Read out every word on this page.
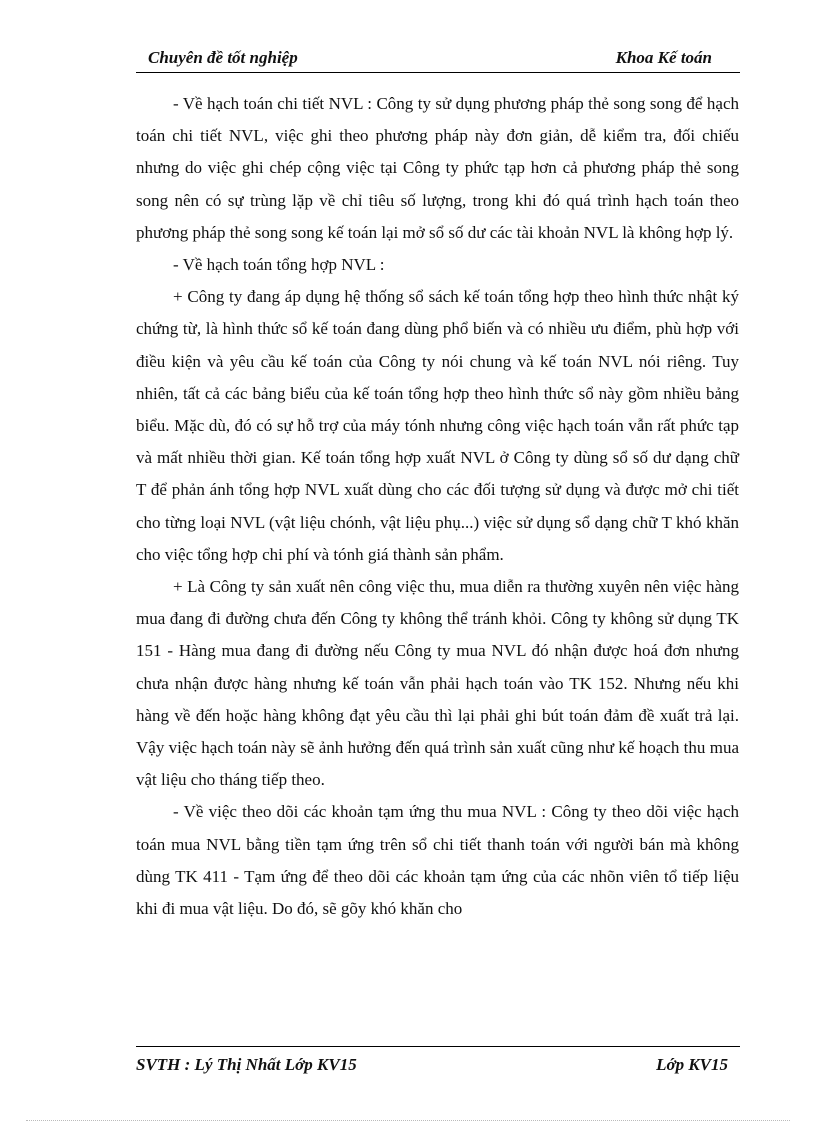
Chuyên đề tốt nghiệp	Khoa Kế toán

- Về hạch toán chi tiết NVL : Công ty sử dụng phương pháp thẻ song song để hạch toán chi tiết NVL, việc ghi theo phương pháp này đơn giản, dễ kiểm tra, đối chiếu nhưng do việc ghi chép cộng việc tại Công ty phức tạp hơn cả phương pháp thẻ song song nên có sự trùng lặp về chỉ tiêu số lượng, trong khi đó quá trình hạch toán theo phương pháp thẻ song song kế toán lại mở sổ số dư các tài khoản NVL là không hợp lý.

- Về hạch toán tổng hợp NVL :

+ Công ty đang áp dụng hệ thống sổ sách kế toán tổng hợp theo hình thức nhật ký chứng từ, là hình thức sổ kế toán đang dùng phổ biến và có nhiều ưu điểm, phù hợp với điều kiện và yêu cầu kế toán của Công ty nói chung và kế toán NVL nói riêng. Tuy nhiên, tất cả các bảng biểu của kế toán tổng hợp theo hình thức sổ này gồm nhiều bảng biểu. Mặc dù, đó có sự hỗ trợ của máy tónh nhưng công việc hạch toán vẫn rất phức tạp và mất nhiều thời gian. Kế toán tổng hợp xuất NVL ở Công ty dùng sổ số dư dạng chữ T để phản ánh tổng hợp NVL xuất dùng cho các đối tượng sử dụng và được mở chi tiết cho từng loại NVL (vật liệu chónh, vật liệu phụ...) việc sử dụng sổ dạng chữ T khó khăn cho việc tổng hợp chi phí và tónh giá thành sản phẩm.

+ Là Công ty sản xuất nên công việc thu, mua diễn ra thường xuyên nên việc hàng mua đang đi đường chưa đến Công ty không thể tránh khỏi. Công ty không sử dụng TK 151 - Hàng mua đang đi đường nếu Công ty mua NVL đó nhận được hoá đơn nhưng chưa nhận được hàng nhưng kế toán vẫn phải hạch toán vào TK 152. Nhưng nếu khi hàng về đến hoặc hàng không đạt yêu cầu thì lại phải ghi bút toán đảm đề xuất trả lại. Vậy việc hạch toán này sẽ ảnh hưởng đến quá trình sản xuất cũng như kế hoạch thu mua vật liệu cho tháng tiếp theo.

- Về việc theo dõi các khoản tạm ứng thu mua NVL : Công ty theo dõi việc hạch toán mua NVL bằng tiền tạm ứng trên sổ chi tiết thanh toán với người bán mà không dùng TK 411 - Tạm ứng để theo dõi các khoản tạm ứng của các nhõn viên tổ tiếp liệu khi đi mua vật liệu. Do đó, sẽ gõy khó khăn cho

SVTH : Lý Thị Nhất Lớp KV15	Lớp KV15
